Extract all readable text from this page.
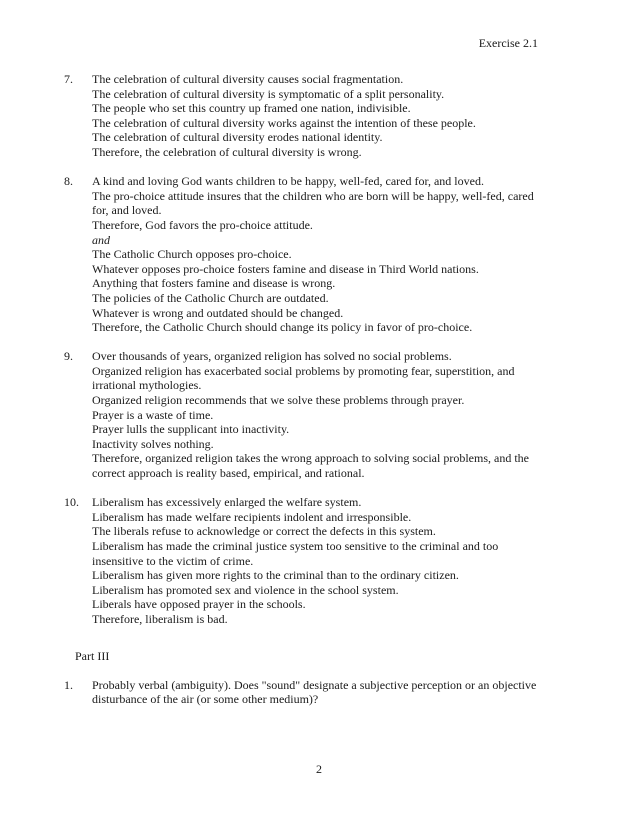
Exercise 2.1
7.	The celebration of cultural diversity causes social fragmentation.
The celebration of cultural diversity is symptomatic of a split personality.
The people who set this country up framed one nation, indivisible.
The celebration of cultural diversity works against the intention of these people.
The celebration of cultural diversity erodes national identity.
Therefore, the celebration of cultural diversity is wrong.
8.	A kind and loving God wants children to be happy, well-fed, cared for, and loved.
The pro-choice attitude insures that the children who are born will be happy, well-fed, cared
for, and loved.
Therefore, God favors the pro-choice attitude.
and
The Catholic Church opposes pro-choice.
Whatever opposes pro-choice fosters famine and disease in Third World nations.
Anything that fosters famine and disease is wrong.
The policies of the Catholic Church are outdated.
Whatever is wrong and outdated should be changed.
Therefore, the Catholic Church should change its policy in favor of pro-choice.
9.	Over thousands of years, organized religion has solved no social problems.
Organized religion has exacerbated social problems by promoting fear, superstition, and
irrational mythologies.
Organized religion recommends that we solve these problems through prayer.
Prayer is a waste of time.
Prayer lulls the supplicant into inactivity.
Inactivity solves nothing.
Therefore, organized religion takes the wrong approach to solving social problems, and the
correct approach is reality based, empirical, and rational.
10.	Liberalism has excessively enlarged the welfare system.
Liberalism has made welfare recipients indolent and irresponsible.
The liberals refuse to acknowledge or correct the defects in this system.
Liberalism has made the criminal justice system too sensitive to the criminal and too
insensitive to the victim of crime.
Liberalism has given more rights to the criminal than to the ordinary citizen.
Liberalism has promoted sex and violence in the school system.
Liberals have opposed prayer in the schools.
Therefore, liberalism is bad.
Part III
1.	Probably verbal (ambiguity). Does "sound" designate a subjective perception or an objective
disturbance of the air (or some other medium)?
2
